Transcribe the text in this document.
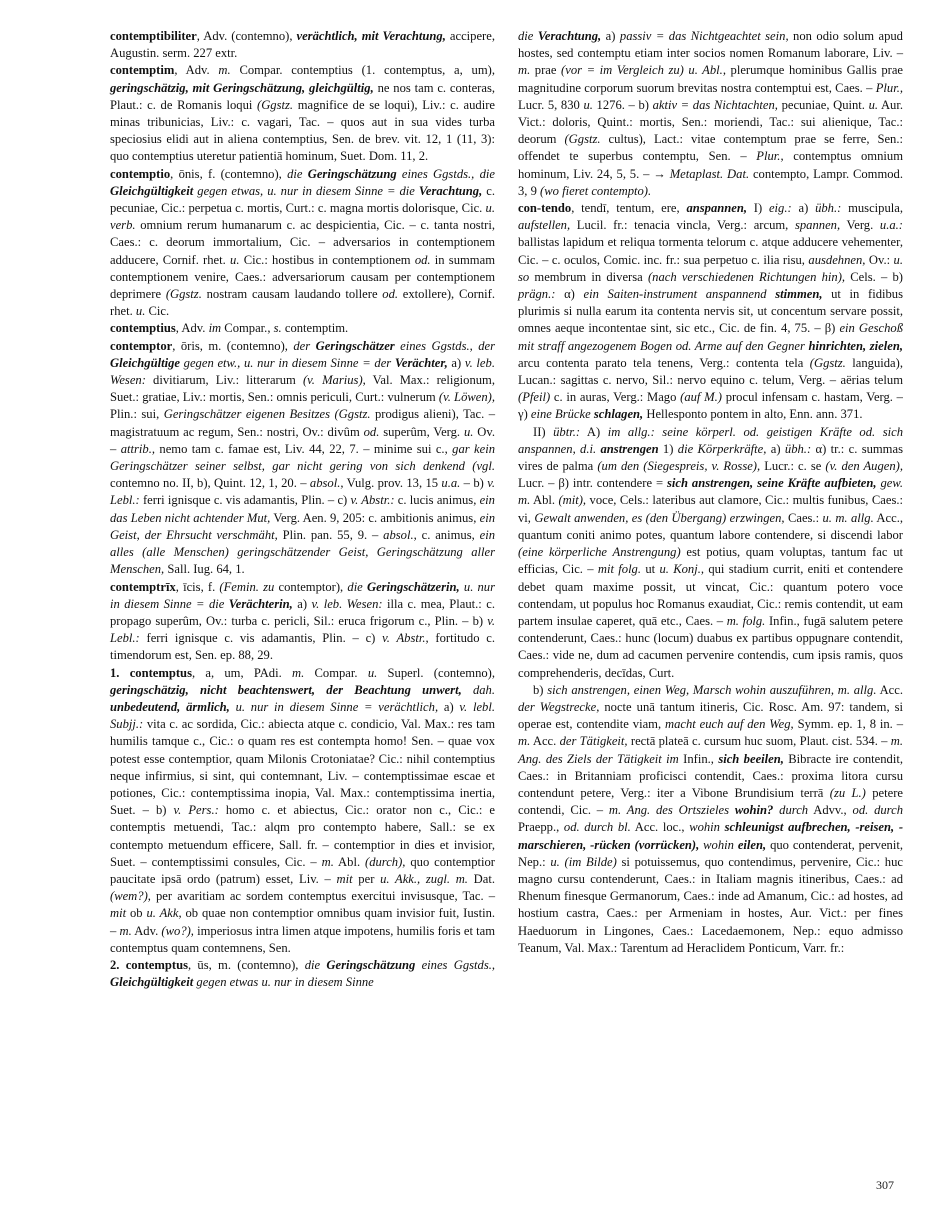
contemptibiliter, Adv. (contemno), verächtlich, mit Verachtung, accipere, Augustin. serm. 227 extr.

contemptim, Adv. m. Compar. contemptius (1. contemptus, a, um), geringschätzig, mit Geringschätzung, gleichgültig, ne nos tam c. conteras, Plaut.: c. de Romanis loqui (Ggstz. magnifice de se loqui), Liv.: c. audire minas tribunicias, Liv.: c. vagari, Tac. – quos aut in sua vides turba speciosius elidi aut in aliena contemptius, Sen. de brev. vit. 12, 1 (11, 3): quo contemptius uteretur patientiā hominum, Suet. Dom. 11, 2.

contemptio, ōnis, f. (contemno), die Geringschätzung eines Ggstds., die Gleichgültigkeit gegen etwas, u. nur in diesem Sinne = die Verachtung, c. pecuniae, Cic.: perpetua c. mortis, Curt.: c. magna mortis dolorisque, Cic. u. verb. omnium rerum humanarum c. ac despicientia, Cic. – c. tanta nostri, Caes.: c. deorum immortalium, Cic. – adversarios in contemptionem adducere, Cornif. rhet. u. Cic.: hostibus in contemptionem od. in summam contemptionem venire, Caes.: adversariorum causam per contemptionem deprimere (Ggstz. nostram causam laudando tollere od. extollere), Cornif. rhet. u. Cic.

contemptius, Adv. im Compar., s. contemptim.

contemptor, ōris, m. (contemno), der Geringschätzer eines Ggstds., der Gleichgültige gegen etw., u. nur in diesem Sinne = der Verächter, a) v. leb. Wesen: divitiarum, Liv.: litterarum (v. Marius), Val. Max.: religionum, Suet.: gratiae, Liv.: mortis, Sen.: omnis periculi, Curt.: vulnerum (v. Löwen), Plin.: sui, Geringschätzer eigenen Besitzes (Ggstz. prodigus alieni), Tac. – magistratuum ac regum, Sen.: nostri, Ov.: divûm od. superûm, Verg. u. Ov. – attrib., nemo tam c. famae est, Liv. 44, 22, 7. – minime sui c., gar kein Geringschätzer seiner selbst, gar nicht gering von sich denkend (vgl. contemno no. II, b), Quint. 12, 1, 20. – absol., Vulg. prov. 13, 15 u.a. – b) v. Lebl.: ferri ignisque c. vis adamantis, Plin. – c) v. Abstr.: c. lucis animus, ein das Leben nicht achtender Mut, Verg. Aen. 9, 205: c. ambitionis animus, ein Geist, der Ehrsucht verschmäht, Plin. pan. 55, 9. – absol., c. animus, ein alles (alle Menschen) geringschätzender Geist, Geringschätzung aller Menschen, Sall. Iug. 64, 1.

contemptrīx, īcis, f. (Femin. zu contemptor), die Geringschätzerin, u. nur in diesem Sinne = die Verächterin, a) v. leb. Wesen: illa c. mea, Plaut.: c. propago superûm, Ov.: turba c. pericli, Sil.: eruca frigorum c., Plin. – b) v. Lebl.: ferri ignisque c. vis adamantis, Plin. – c) v. Abstr., fortitudo c. timendorum est, Sen. ep. 88, 29.

1. contemptus, a, um, PAdi. m. Compar. u. Superl. (contemno), geringschätzig, nicht beachtenswert, der Beachtung unwert, dah. unbedeutend, ärmlich, u. nur in diesem Sinne = verächtlich, a) v. lebl. Subjj.: vita c. ac sordida, Cic.: abiecta atque c. condicio, Val. Max.: res tam humilis tamque c., Cic.: o quam res est contempta homo! Sen. – quae vox potest esse contemptior, quam Milonis Crotoniatae? Cic.: nihil contemptius neque infirmius, si sint, qui contemnant, Liv. – contemptissimae escae et potiones, Cic.: contemptissima inopia, Val. Max.: contemptissima inertia, Suet. – b) v. Pers.: homo c. et abiectus, Cic.: orator non c., Cic.: e contemptis metuendi, Tac.: alqm pro contempto habere, Sall.: se ex contempto metuendum efficere, Sall. fr. – contemptior in dies et invisior, Suet. – contemptissimi consules, Cic. – m. Abl. (durch), quo contemptior paucitate ipsā ordo (patrum) esset, Liv. – mit per u. Akk., zugl. m. Dat. (wem?), per avaritiam ac sordem contemptus exercitui invisusque, Tac. – mit ob u. Akk, ob quae non contemptior omnibus quam invisior fuit, Iustin. – m. Adv. (wo?), imperiosus intra limen atque impotens, humilis foris et tam contemptus quam contemnens, Sen.

2. contemptus, ūs, m. (contemno), die Geringschätzung eines Ggstds., Gleichgültigkeit gegen etwas u. nur in diesem Sinne

die Verachtung, a) passiv = das Nichtgeachtet sein, non odio solum apud hostes, sed contemptu etiam inter socios nomen Romanum laborare, Liv. – m. prae (vor = im Vergleich zu) u. Abl., plerumque hominibus Gallis prae magnitudine corporum suorum brevitas nostra contemptui est, Caes. – Plur., Lucr. 5, 830 u. 1276. – b) aktiv = das Nichtachten, pecuniae, Quint. u. Aur. Vict.: doloris, Quint.: mortis, Sen.: moriendi, Tac.: sui alienique, Tac.: deorum (Ggstz. cultus), Lact.: vitae contemptum prae se ferre, Sen.: offendet te superbus contemptu, Sen. – Plur., contemptus omnium hominum, Liv. 24, 5, 5. – → Metaplast. Dat. contempto, Lampr. Commod. 3, 9 (wo fieret contempto).

con-tendo, tendī, tentum, ere, anspannen, I) eig.: a) übh.: muscipula, aufstellen, Lucil. fr.: tenacia vincla, Verg.: arcum, spannen, Verg. u.a.: ballistas lapidum et reliqua tormenta telorum c. atque adducere vehementer, Cic. – c. oculos, Comic. inc. fr.: sua perpetuo c. ilia risu, ausdehnen, Ov.: u. so membrum in diversa (nach verschiedenen Richtungen hin), Cels. – b) prägn.: α) ein Saiten-instrument anspannend stimmen, ut in fidibus plurimis si nulla earum ita contenta nervis sit, ut concentum servare possit, omnes aeque incontentae sint, sic etc., Cic. de fin. 4, 75. – β) ein Geschoß mit straff angezogenem Bogen od. Arme auf den Gegner hinrichten, zielen, arcu contenta parato tela tenens, Verg.: contenta tela (Ggstz. languida), Lucan.: sagittas c. nervo, Sil.: nervo equino c. telum, Verg. – aërias telum (Pfeil) c. in auras, Verg.: Mago (auf M.) procul infensam c. hastam, Verg. – γ) eine Brücke schlagen, Hellesponto pontem in alto, Enn. ann. 371.

II) übtr.: A) im allg.: seine körperl. od. geistigen Kräfte od. sich anspannen, d.i. anstrengen 1) die Körperkräfte, a) übh.: α) tr.: c. summas vires de palma (um den (Siegespreis, v. Rosse), Lucr.: c. se (v. den Augen), Lucr. – β) intr. contendere = sich anstrengen, seine Kräfte aufbieten, gew. m. Abl. (mit), voce, Cels.: lateribus aut clamore, Cic.: multis funibus, Caes.: vi, Gewalt anwenden, es (den Übergang) erzwingen, Caes.: u. m. allg. Acc., quantum coniti animo potes, quantum labore contendere, si discendi labor (eine körperliche Anstrengung) est potius, quam voluptas, tantum fac ut efficias, Cic. – mit folg. ut u. Konj., qui stadium currit, eniti et contendere debet quam maxime possit, ut vincat, Cic.: quantum potero voce contendam, ut populus hoc Romanus exaudiat, Cic.: remis contendit, ut eam partem insulae caperet, quā etc., Caes. – m. folg. Infin., fugā salutem petere contenderunt, Caes.: hunc (locum) duabus ex partibus oppugnare contendit, Caes.: vide ne, dum ad cacumen pervenire contendis, cum ipsis ramis, quos comprehenderis, decīdas, Curt.

b) sich anstrengen, einen Weg, Marsch wohin auszuführen, m. allg. Acc. der Wegstrecke, nocte unā tantum itineris, Cic. Rosc. Am. 97: tandem, si operae est, contendite viam, macht euch auf den Weg, Symm. ep. 1, 8 in. – m. Acc. der Tätigkeit, rectā plateā c. cursum huc suom, Plaut. cist. 534. – m. Ang. des Ziels der Tätigkeit im Infin., sich beeilen, Bibracte ire contendit, Caes.: in Britanniam proficisci contendit, Caes.: proxima litora cursu contendunt petere, Verg.: iter a Vibone Brundisium terrā (zu L.) petere contendi, Cic. – m. Ang. des Ortszieles wohin? durch Advv., od. durch Praepp., od. durch bl. Acc. loc., wohin schleunigst aufbrechen, -reisen, -marschieren, -rücken (vorrücken), wohin eilen, quo contenderat, pervenit, Nep.: u. (im Bilde) si potuissemus, quo contendimus, pervenire, Cic.: huc magno cursu contenderunt, Caes.: in Italiam magnis itineribus, Caes.: ad Rhenum finesque Germanorum, Caes.: inde ad Amanum, Cic.: ad hostes, ad hostium castra, Caes.: per Armeniam in hostes, Aur. Vict.: per fines Haeduorum in Lingones, Caes.: Lacedaemonem, Nep.: equo admisso Teanum, Val. Max.: Tarentum ad Heraclidem Ponticum, Varr. fr.:

307
